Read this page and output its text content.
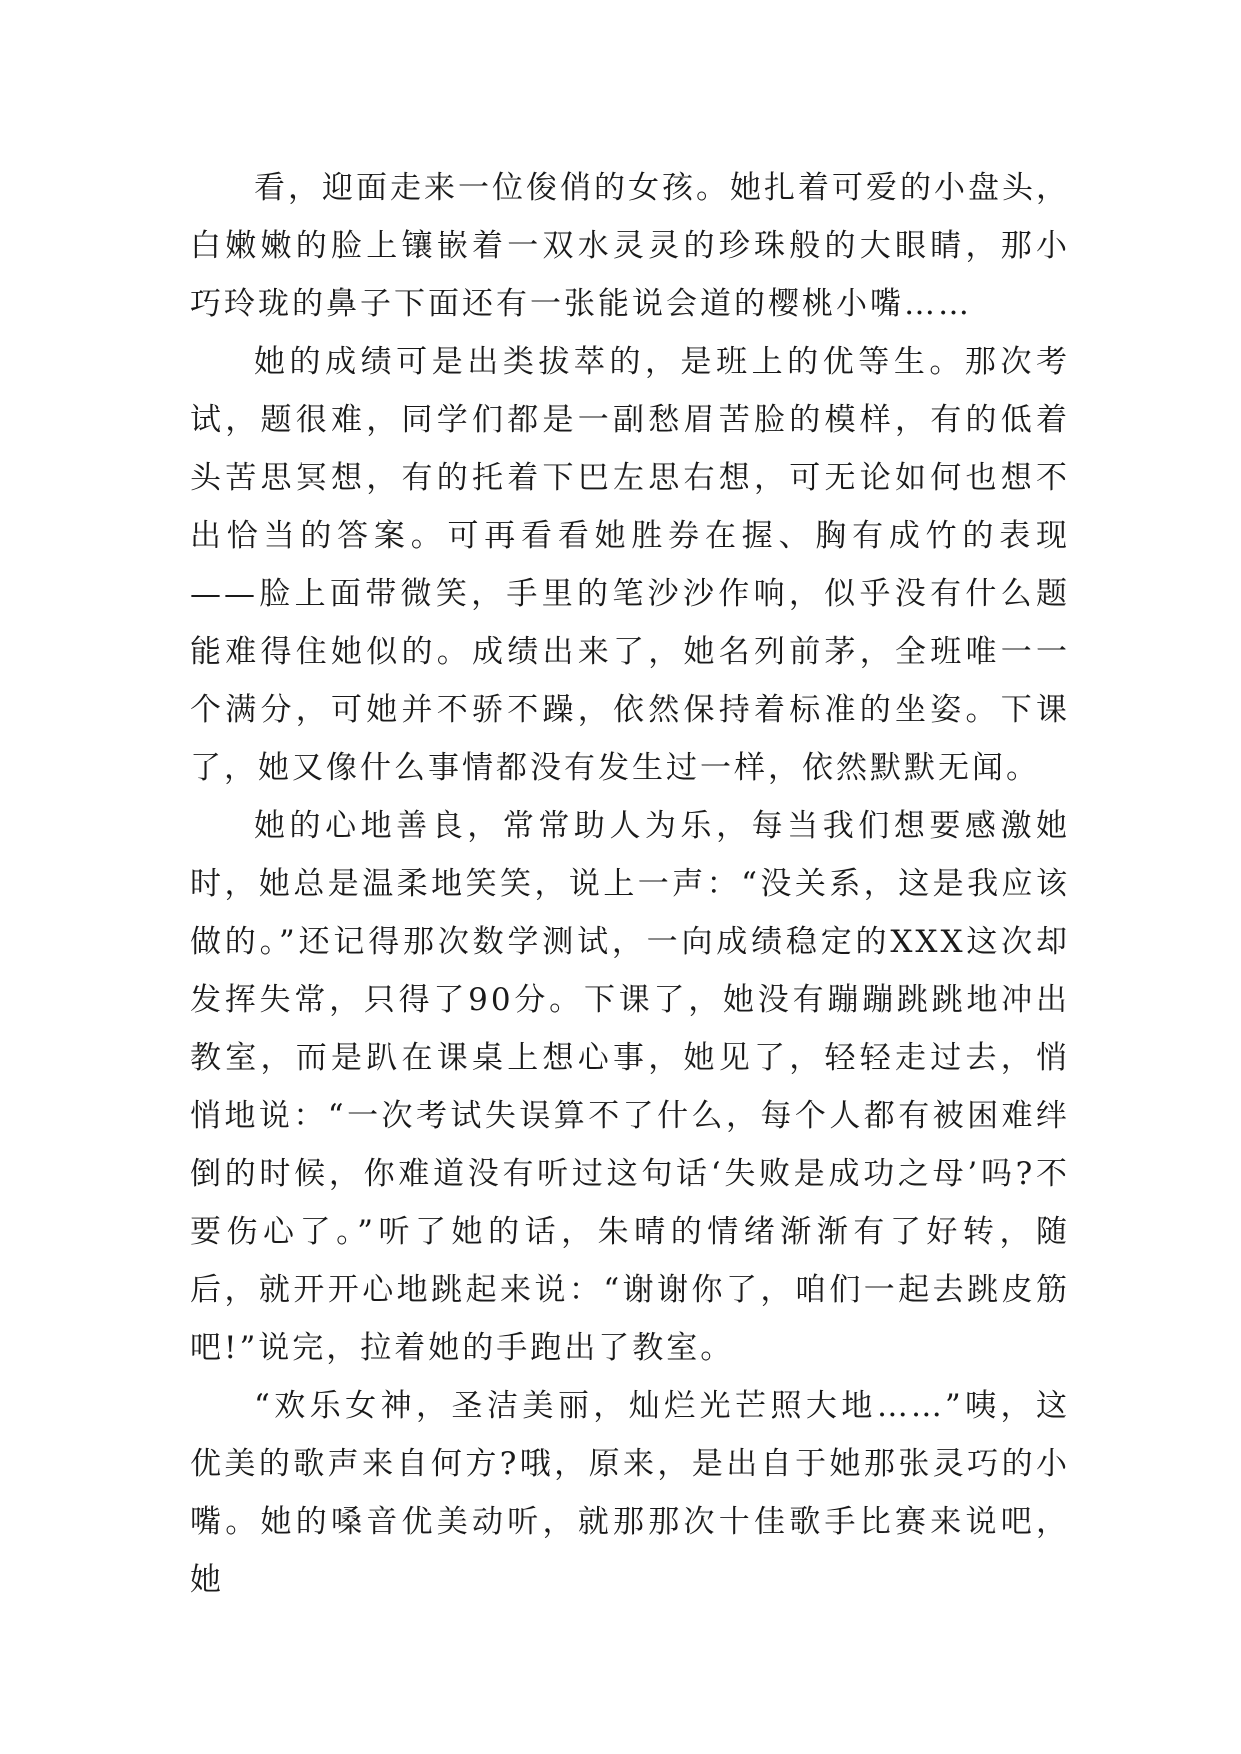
看，迎面走来一位俊俏的女孩。她扎着可爱的小盘头，白嫩嫩的脸上镶嵌着一双水灵灵的珍珠般的大眼睛，那小巧玲珑的鼻子下面还有一张能说会道的樱桃小嘴……

她的成绩可是出类拔萃的，是班上的优等生。那次考试，题很难，同学们都是一副愁眉苦脸的模样，有的低着头苦思冥想，有的托着下巴左思右想，可无论如何也想不出恰当的答案。可再看看她胜券在握、胸有成竹的表现——脸上面带微笑，手里的笔沙沙作响，似乎没有什么题能难得住她似的。成绩出来了，她名列前茅，全班唯一一个满分，可她并不骄不躁，依然保持着标准的坐姿。下课了，她又像什么事情都没有发生过一样，依然默默无闻。

她的心地善良，常常助人为乐，每当我们想要感激她时，她总是温柔地笑笑，说上一声：“没关系，这是我应该做的。”还记得那次数学测试，一向成绩稳定的XXX这次却发挥失常，只得了90分。下课了，她没有蹦蹦跳跳地冲出教室，而是趴在课桌上想心事，她见了，轻轻走过去，悄悄地说：“一次考试失误算不了什么，每个人都有被困难绊倒的时候，你难道没有听过这句话‘失败是成功之母’吗?不要伤心了。”听了她的话，朱晴的情绪渐渐有了好转，随后，就开开心地跳起来说：“谢谢你了，咱们一起去跳皮筋吧!”说完，拉着她的手跑出了教室。

“欢乐女神，圣洁美丽，灿烂光芒照大地……”咦，这优美的歌声来自何方?哦，原来，是出自于她那张灵巧的小嘴。她的嗓音优美动听，就那那次十佳歌手比赛来说吧，她
